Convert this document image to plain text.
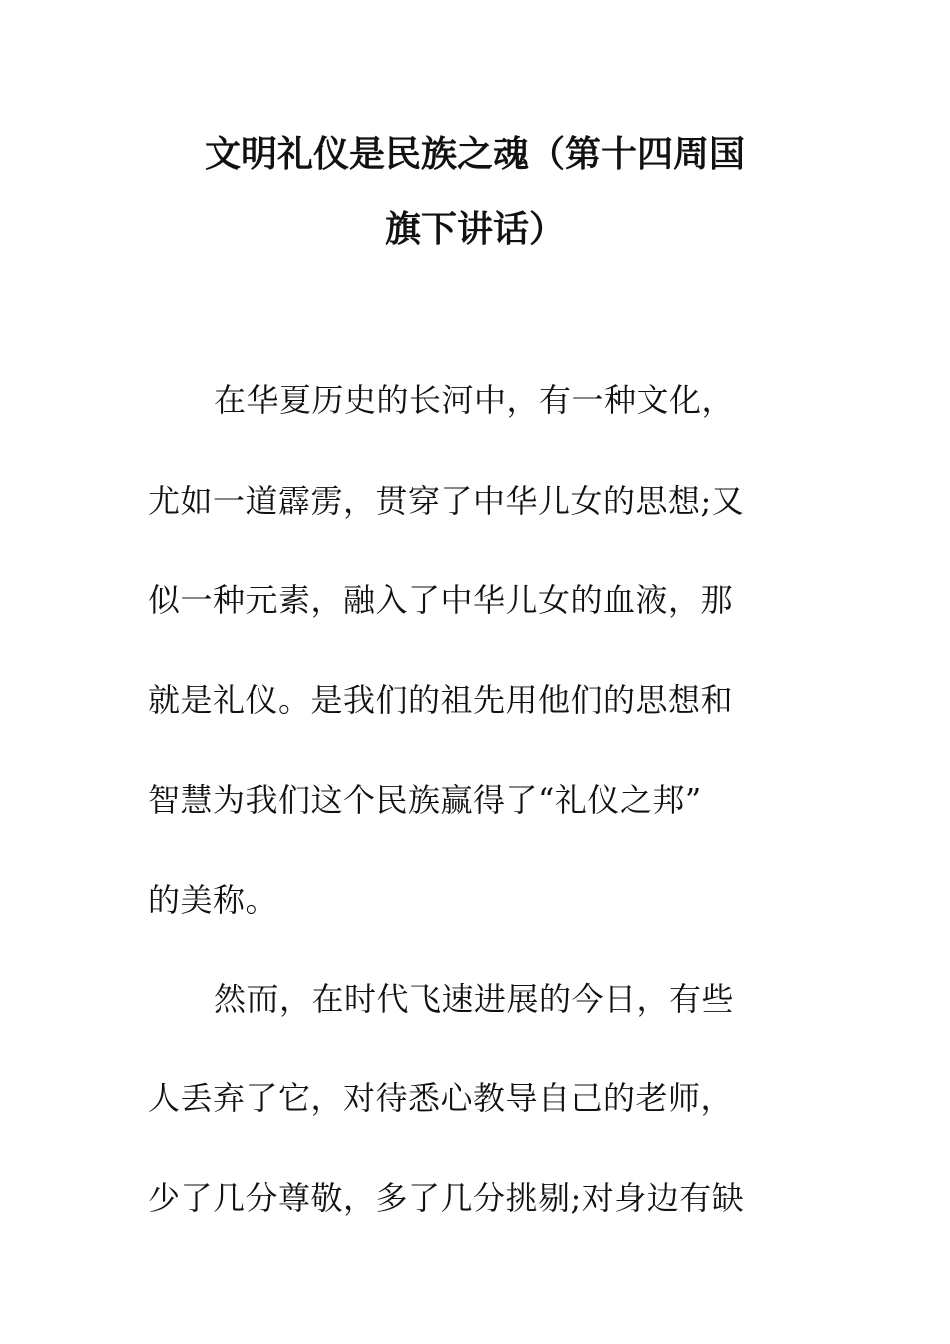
文明礼仪是民族之魂（第十四周国
旗下讲话）
在华夏历史的长河中，有一种文化，
尤如一道霹雳，贯穿了中华儿女的思想;又
似一种元素，融入了中华儿女的血液，那
就是礼仪。是我们的祖先用他们的思想和
智慧为我们这个民族赢得了“礼仪之邦”
的美称。
然而，在时代飞速进展的今日，有些
人丢弃了它，对待悉心教导自己的老师，
少了几分尊敬，多了几分挑剔;对身边有缺
